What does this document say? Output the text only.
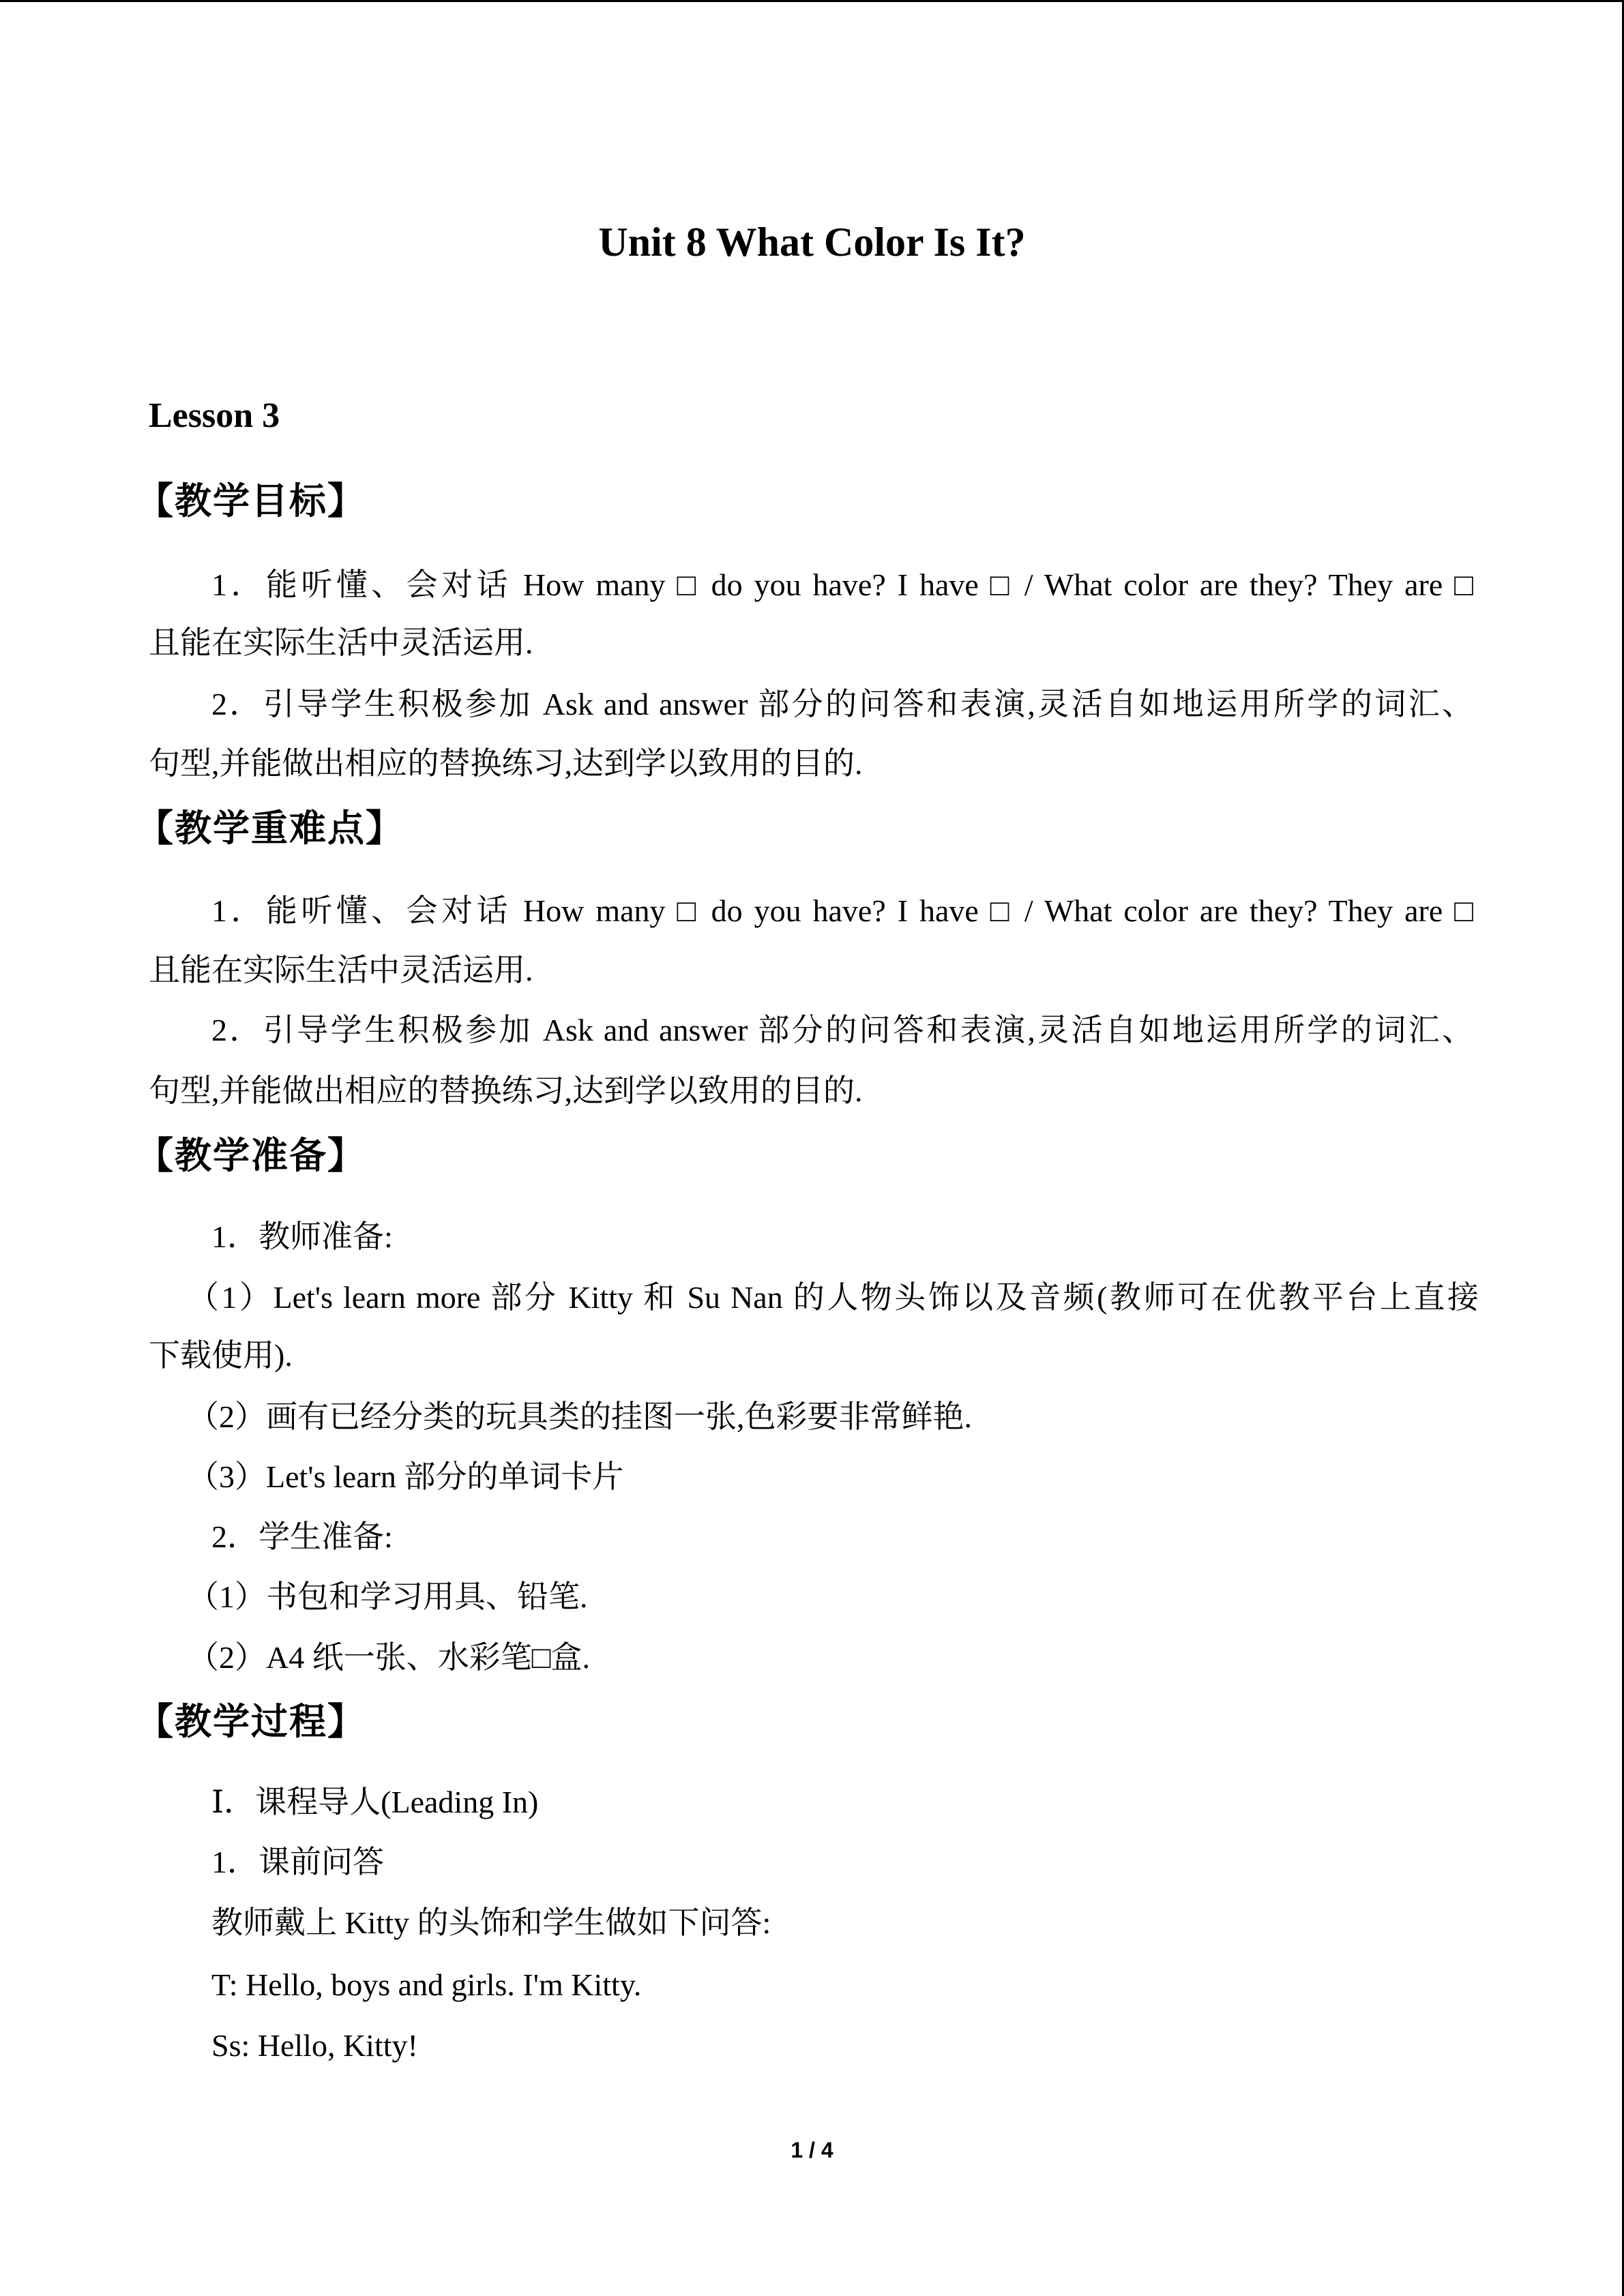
Unit 8 What Color Is It?
Lesson 3
【教学目标】
1．能听懂、会对话 How many □ do you have? I have □ / What color are they? They are □
且能在实际生活中灵活运用.
2．引导学生积极参加 Ask and answer 部分的问答和表演,灵活自如地运用所学的词汇、
句型,并能做出相应的替换练习,达到学以致用的目的.
【教学重难点】
1．能听懂、会对话 How many □ do you have? I have □ / What color are they? They are □
且能在实际生活中灵活运用.
2．引导学生积极参加 Ask and answer 部分的问答和表演,灵活自如地运用所学的词汇、
句型,并能做出相应的替换练习,达到学以致用的目的.
【教学准备】
1．教师准备:
（1）Let's learn more 部分 Kitty 和 Su Nan 的人物头饰以及音频(教师可在优教平台上直接
下载使用).
（2）画有已经分类的玩具类的挂图一张,色彩要非常鲜艳.
（3）Let's learn 部分的单词卡片
2．学生准备:
（1）书包和学习用具、铅笔.
（2）A4 纸一张、水彩笔□盒.
【教学过程】
Ⅰ．课程导人(Leading In)
1．课前问答
教师戴上 Kitty 的头饰和学生做如下问答:
T: Hello, boys and girls. I'm Kitty.
Ss: Hello, Kitty!
1 / 4
